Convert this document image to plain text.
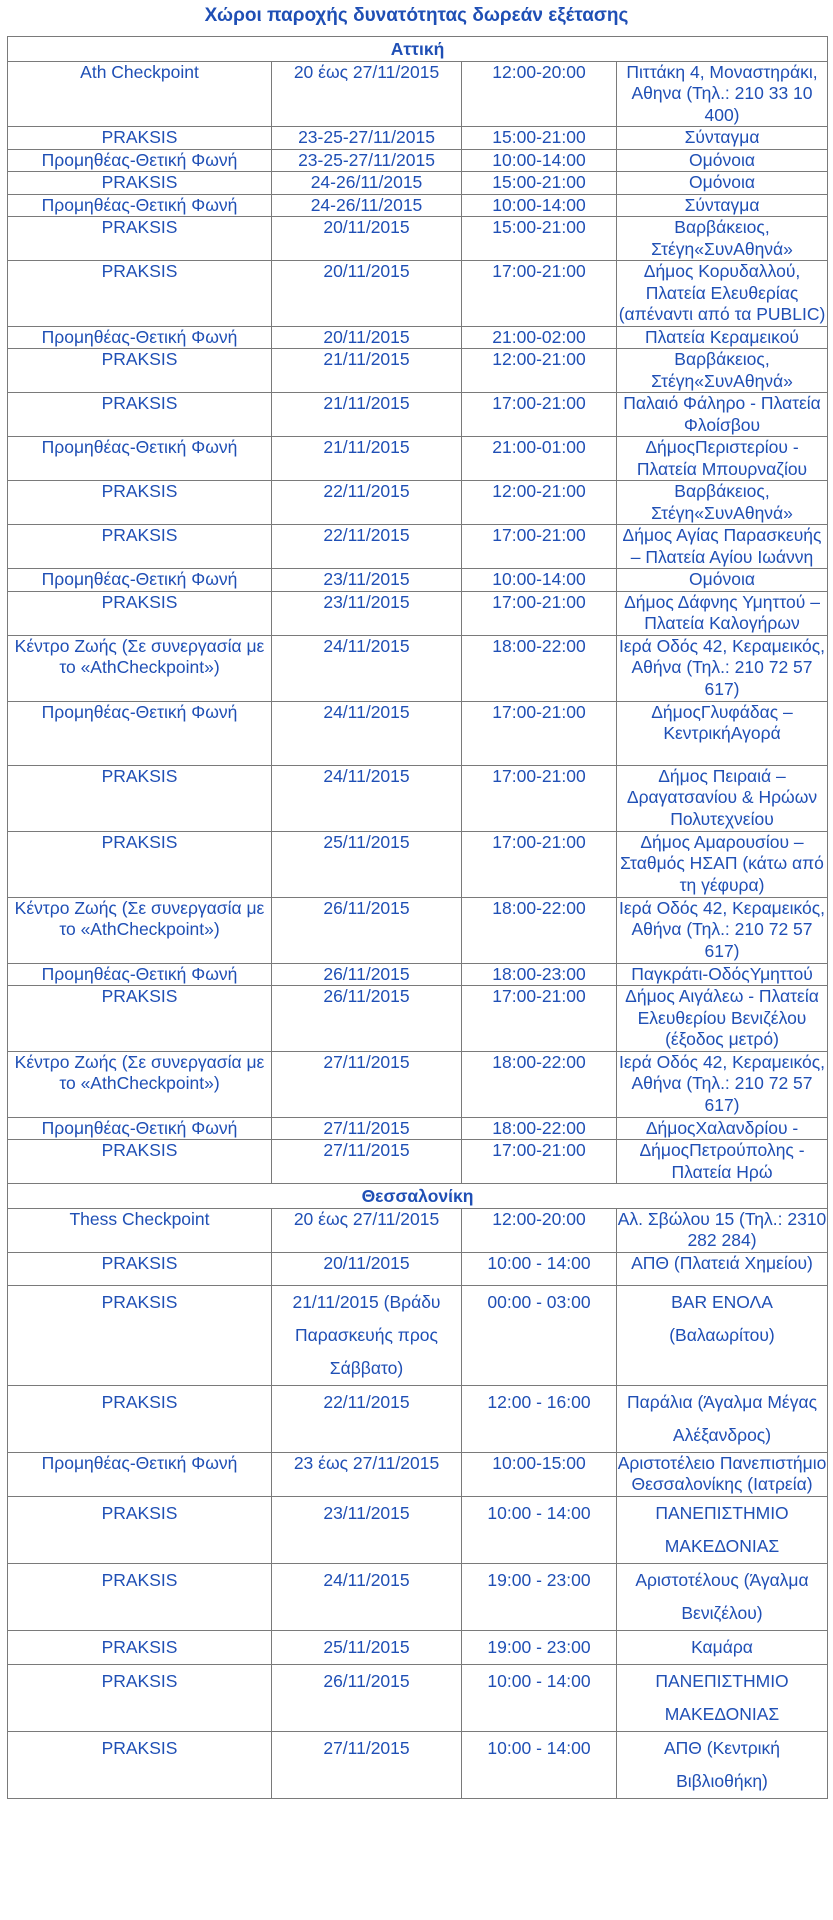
Χώροι παροχής δυνατότητας δωρεάν εξέτασης
Αττική			
Ath Checkpoint	20 έως 27/11/2015	12:00-20:00	Πιττάκη 4, Μοναστηράκι, Αθηνα (Τηλ.: 210 33 10 400)
PRAKSIS	23-25-27/11/2015	15:00-21:00	Σύνταγμα
Προμηθέας-Θετική Φωνή	23-25-27/11/2015	10:00-14:00	Ομόνοια
PRAKSIS	24-26/11/2015	15:00-21:00	Ομόνοια
Προμηθέας-Θετική Φωνή	24-26/11/2015	10:00-14:00	Σύνταγμα
PRAKSIS	20/11/2015	15:00-21:00	Βαρβάκειος, Στέγη«ΣυνΑθηνά»
PRAKSIS	20/11/2015	17:00-21:00	Δήμος Κορυδαλλού, Πλατεία Ελευθερίας (απέναντι από τα PUBLIC)
Προμηθέας-Θετική Φωνή	20/11/2015	21:00-02:00	Πλατεία Κεραμεικού
PRAKSIS	21/11/2015	12:00-21:00	Βαρβάκειος, Στέγη«ΣυνΑθηνά»
PRAKSIS	21/11/2015	17:00-21:00	Παλαιό Φάληρο - Πλατεία Φλοίσβου
Προμηθέας-Θετική Φωνή	21/11/2015	21:00-01:00	ΔήμοςΠεριστερίου - Πλατεία Μπουρναζίου
PRAKSIS	22/11/2015	12:00-21:00	Βαρβάκειος, Στέγη«ΣυνΑθηνά»
PRAKSIS	22/11/2015	17:00-21:00	Δήμος Αγίας Παρασκευής – Πλατεία Αγίου Ιωάννη
Προμηθέας-Θετική Φωνή	23/11/2015	10:00-14:00	Ομόνοια
PRAKSIS	23/11/2015	17:00-21:00	Δήμος Δάφνης Υμηττού – Πλατεία Καλογήρων
Κέντρο Ζωής (Σε συνεργασία με το «AthCheckpoint»)	24/11/2015	18:00-22:00	Ιερά Οδός 42, Κεραμεικός, Αθήνα (Τηλ.: 210 72 57 617)
Προμηθέας-Θετική Φωνή	24/11/2015	17:00-21:00	ΔήμοςΓλυφάδας – ΚεντρικήΑγορά
PRAKSIS	24/11/2015	17:00-21:00	Δήμος Πειραιά – Δραγατσανίου & Ηρώων Πολυτεχνείου
PRAKSIS	25/11/2015	17:00-21:00	Δήμος Αμαρουσίου – Σταθμός ΗΣΑΠ (κάτω από τη γέφυρα)
Κέντρο Ζωής (Σε συνεργασία με το «AthCheckpoint»)	26/11/2015	18:00-22:00	Ιερά Οδός 42, Κεραμεικός, Αθήνα (Τηλ.: 210 72 57 617)
Προμηθέας-Θετική Φωνή	26/11/2015	18:00-23:00	Παγκράτι-ΟδόςΥμηττού
PRAKSIS	26/11/2015	17:00-21:00	Δήμος Αιγάλεω - Πλατεία Ελευθερίου Βενιζέλου (έξοδος μετρό)
Κέντρο Ζωής (Σε συνεργασία με το «AthCheckpoint»)	27/11/2015	18:00-22:00	Ιερά Οδός 42, Κεραμεικός, Αθήνα (Τηλ.: 210 72 57 617)
Προμηθέας-Θετική Φωνή	27/11/2015	18:00-22:00	ΔήμοςΧαλανδρίου -
PRAKSIS	27/11/2015	17:00-21:00	ΔήμοςΠετρούπολης - Πλατεία Ηρώ
Θεσσαλονίκη			
Thess Checkpoint	20 έως 27/11/2015	12:00-20:00	Αλ. Σβώλου 15 (Τηλ.: 2310 282 284)
PRAKSIS	20/11/2015	10:00 - 14:00	ΑΠΘ (Πλατειά Χημείου)
PRAKSIS	21/11/2015 (Βράδυ Παρασκευής προς Σάββατο)	00:00 - 03:00	BAR ΕΝΟΛΑ (Βαλαωρίτου)
PRAKSIS	22/11/2015	12:00 - 16:00	Παράλια (Άγαλμα Μέγας Αλέξανδρος)
Προμηθέας-Θετική Φωνή	23 έως 27/11/2015	10:00-15:00	Αριστοτέλειο Πανεπιστήμιο Θεσσαλονίκης (Ιατρεία)
PRAKSIS	23/11/2015	10:00 - 14:00	ΠΑΝΕΠΙΣΤΗΜΙΟ ΜΑΚΕΔΟΝΙΑΣ
PRAKSIS	24/11/2015	19:00 - 23:00	Αριστοτέλους (Άγαλμα Βενιζέλου)
PRAKSIS	25/11/2015	19:00 - 23:00	Καμάρα
PRAKSIS	26/11/2015	10:00 - 14:00	ΠΑΝΕΠΙΣΤΗΜΙΟ ΜΑΚΕΔΟΝΙΑΣ
PRAKSIS	27/11/2015	10:00 - 14:00	ΑΠΘ (Κεντρική Βιβλιοθήκη)
